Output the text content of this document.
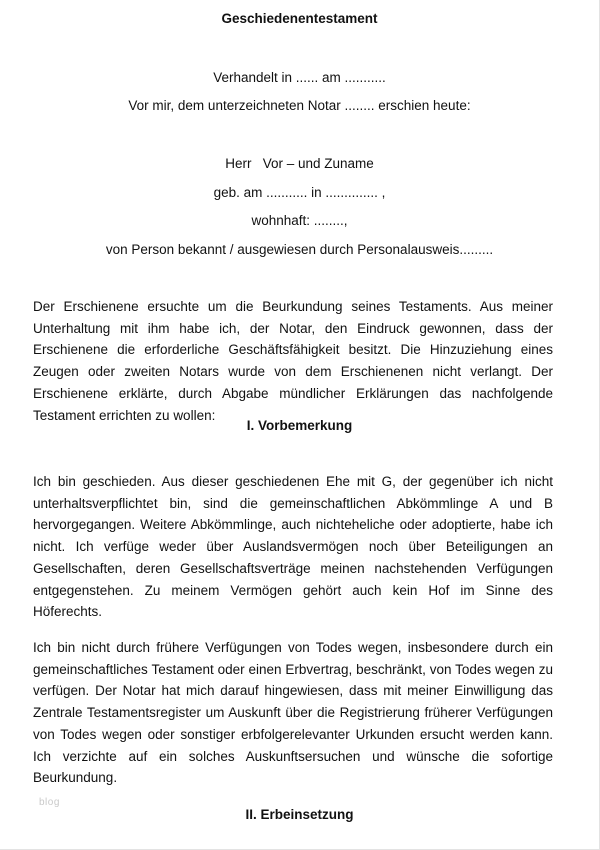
Geschiedenentestament
Verhandelt in ...... am ...........
Vor mir, dem unterzeichneten Notar ........ erschien heute:
Herr   Vor – und Zuname
geb. am ........... in .............. ,
wohnhaft: ........,
von Person bekannt / ausgewiesen durch Personalausweis.........

Der Erschienene ersuchte um die Beurkundung seines Testaments. Aus meiner Unterhaltung mit ihm habe ich, der Notar, den Eindruck gewonnen, dass der Erschienene die erforderliche Geschäftsfähigkeit besitzt. Die Hinzuziehung eines Zeugen oder zweiten Notars wurde von dem Erschienenen nicht verlangt. Der Erschienene erklärte, durch Abgabe mündlicher Erklärungen das nachfolgende Testament errichten zu wollen:

I. Vorbemerkung

Ich bin geschieden. Aus dieser geschiedenen Ehe mit G, der gegenüber ich nicht unterhaltsverpflichtet bin, sind die gemeinschaftlichen Abkömmlinge A und B hervorgegangen. Weitere Abkömmlinge, auch nichteheliche oder adoptierte, habe ich nicht. Ich verfüge weder über Auslandsvermögen noch über Beteiligungen an Gesellschaften, deren Gesellschaftsverträge meinen nachstehenden Verfügungen entgegenstehen. Zu meinem Vermögen gehört auch kein Hof im Sinne des Höferechts.

Ich bin nicht durch frühere Verfügungen von Todes wegen, insbesondere durch ein gemeinschaftliches Testament oder einen Erbvertrag, beschränkt, von Todes wegen zu verfügen. Der Notar hat mich darauf hingewiesen, dass mit meiner Einwilligung das Zentrale Testamentsregister um Auskunft über die Registrierung früherer Verfügungen von Todes wegen oder sonstiger erbfolgerelevanter Urkunden ersucht werden kann. Ich verzichte auf ein solches Auskunftsersuchen und wünsche die sofortige Beurkundung.

II. Erbeinsetzung
blog
